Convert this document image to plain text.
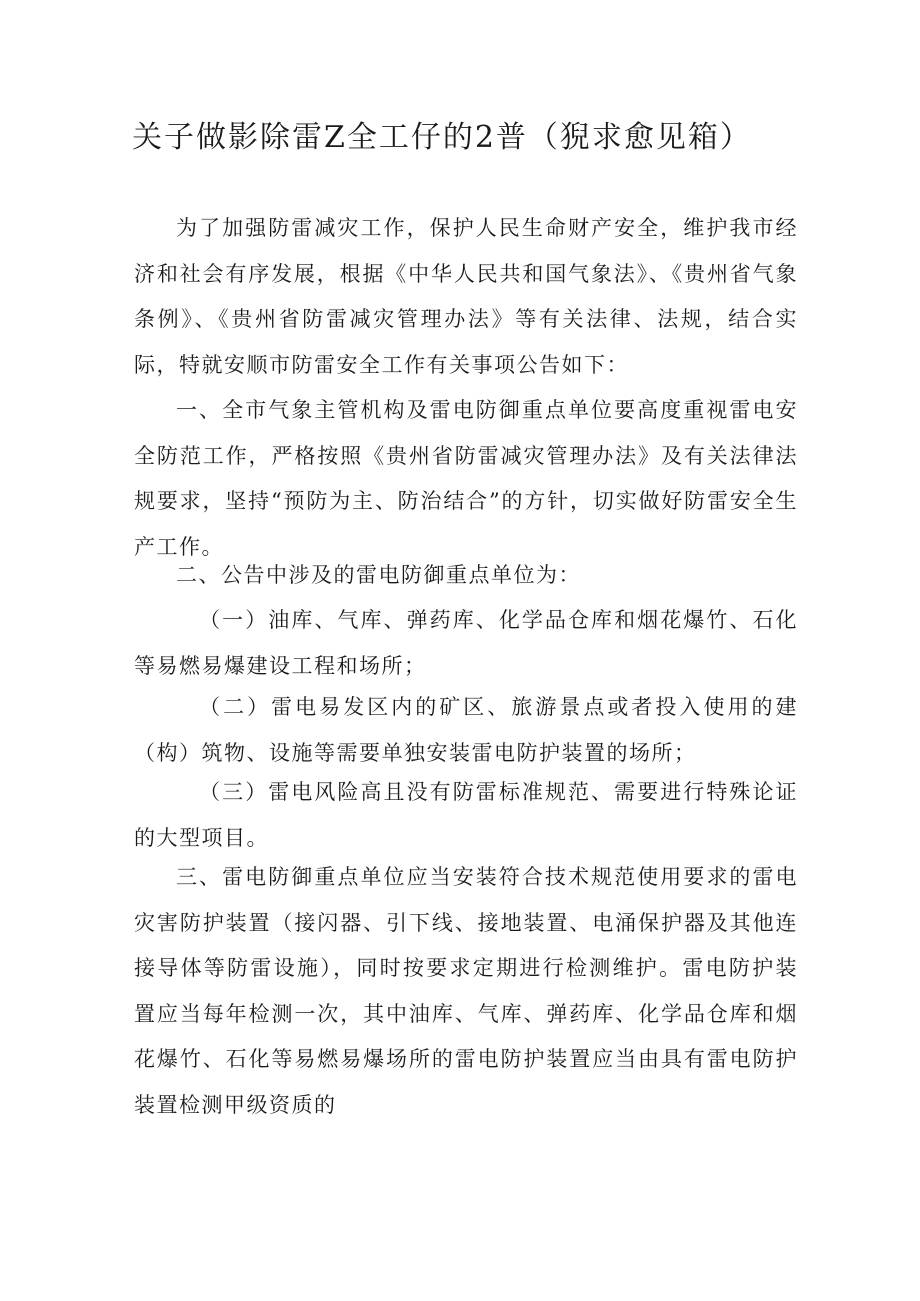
关子做影除雷Z全工仔的2普（猊求愈见箱）

为了加强防雷减灾工作，保护人民生命财产安全，维护我市经济和社会有序发展，根据《中华人民共和国气象法》、《贵州省气象条例》、《贵州省防雷减灾管理办法》等有关法律、法规，结合实际，特就安顺市防雷安全工作有关事项公告如下：

一、全市气象主管机构及雷电防御重点单位要高度重视雷电安全防范工作，严格按照《贵州省防雷减灾管理办法》及有关法律法规要求，坚持“预防为主、防治结合”的方针，切实做好防雷安全生产工作。

二、公告中涉及的雷电防御重点单位为：

（一）油库、气库、弹药库、化学品仓库和烟花爆竹、石化等易燃易爆建设工程和场所；

（二）雷电易发区内的矿区、旅游景点或者投入使用的建（构）筑物、设施等需要单独安装雷电防护装置的场所；

（三）雷电风险高且没有防雷标准规范、需要进行特殊论证的大型项目。

三、雷电防御重点单位应当安装符合技术规范使用要求的雷电灾害防护装置（接闪器、引下线、接地装置、电涌保护器及其他连接导体等防雷设施），同时按要求定期进行检测维护。雷电防护装置应当每年检测一次，其中油库、气库、弹药库、化学品仓库和烟花爆竹、石化等易燃易爆场所的雷电防护装置应当由具有雷电防护装置检测甲级资质的
